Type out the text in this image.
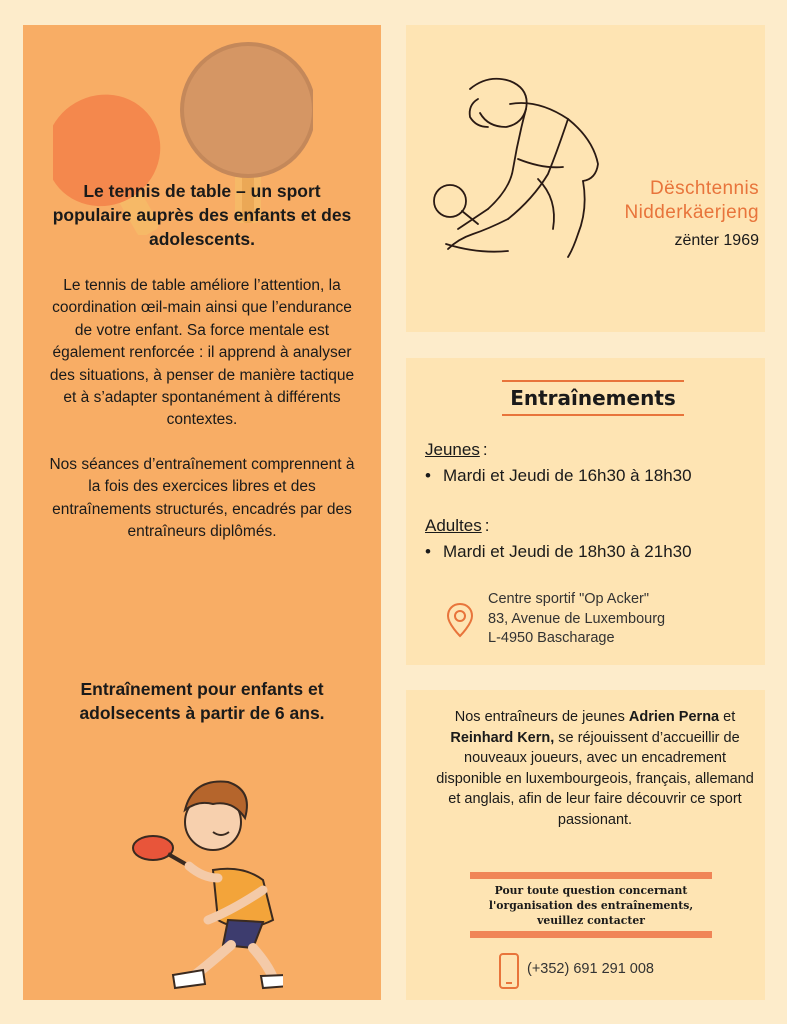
Le tennis de table – un sport populaire auprès des enfants et des adolescents.

Le tennis de table améliore l’attention, la coordination œil-main ainsi que l’endurance de votre enfant. Sa force mentale est également renforcée : il apprend à analyser des situations, à penser de manière tactique et à s’adapter spontanément à différents contextes.

Nos séances d’entraînement comprennent à la fois des exercices libres et des entraînements structurés, encadrés par des entraîneurs diplômés.

Entraînement pour enfants et adolsecents à partir de 6 ans.
Dëschtennis
Nidderkäerjeng
zënter 1969
Entraînements
Jeunes :
• Mardi et Jeudi de 16h30 à 18h30
Adultes :
• Mardi et Jeudi de 18h30 à 21h30
Centre sportif "Op Acker"
83, Avenue de Luxembourg
L-4950 Bascharage
Nos entraîneurs de jeunes Adrien Perna et Reinhard Kern, se réjouissent d’accueillir de nouveaux joueurs, avec un encadrement disponible en luxembourgeois, français, allemand et anglais, afin de leur faire découvrir ce sport passionant.
Pour toute question concernant l'organisation des entraînements, veuillez contacter
(+352) 691 291 008
